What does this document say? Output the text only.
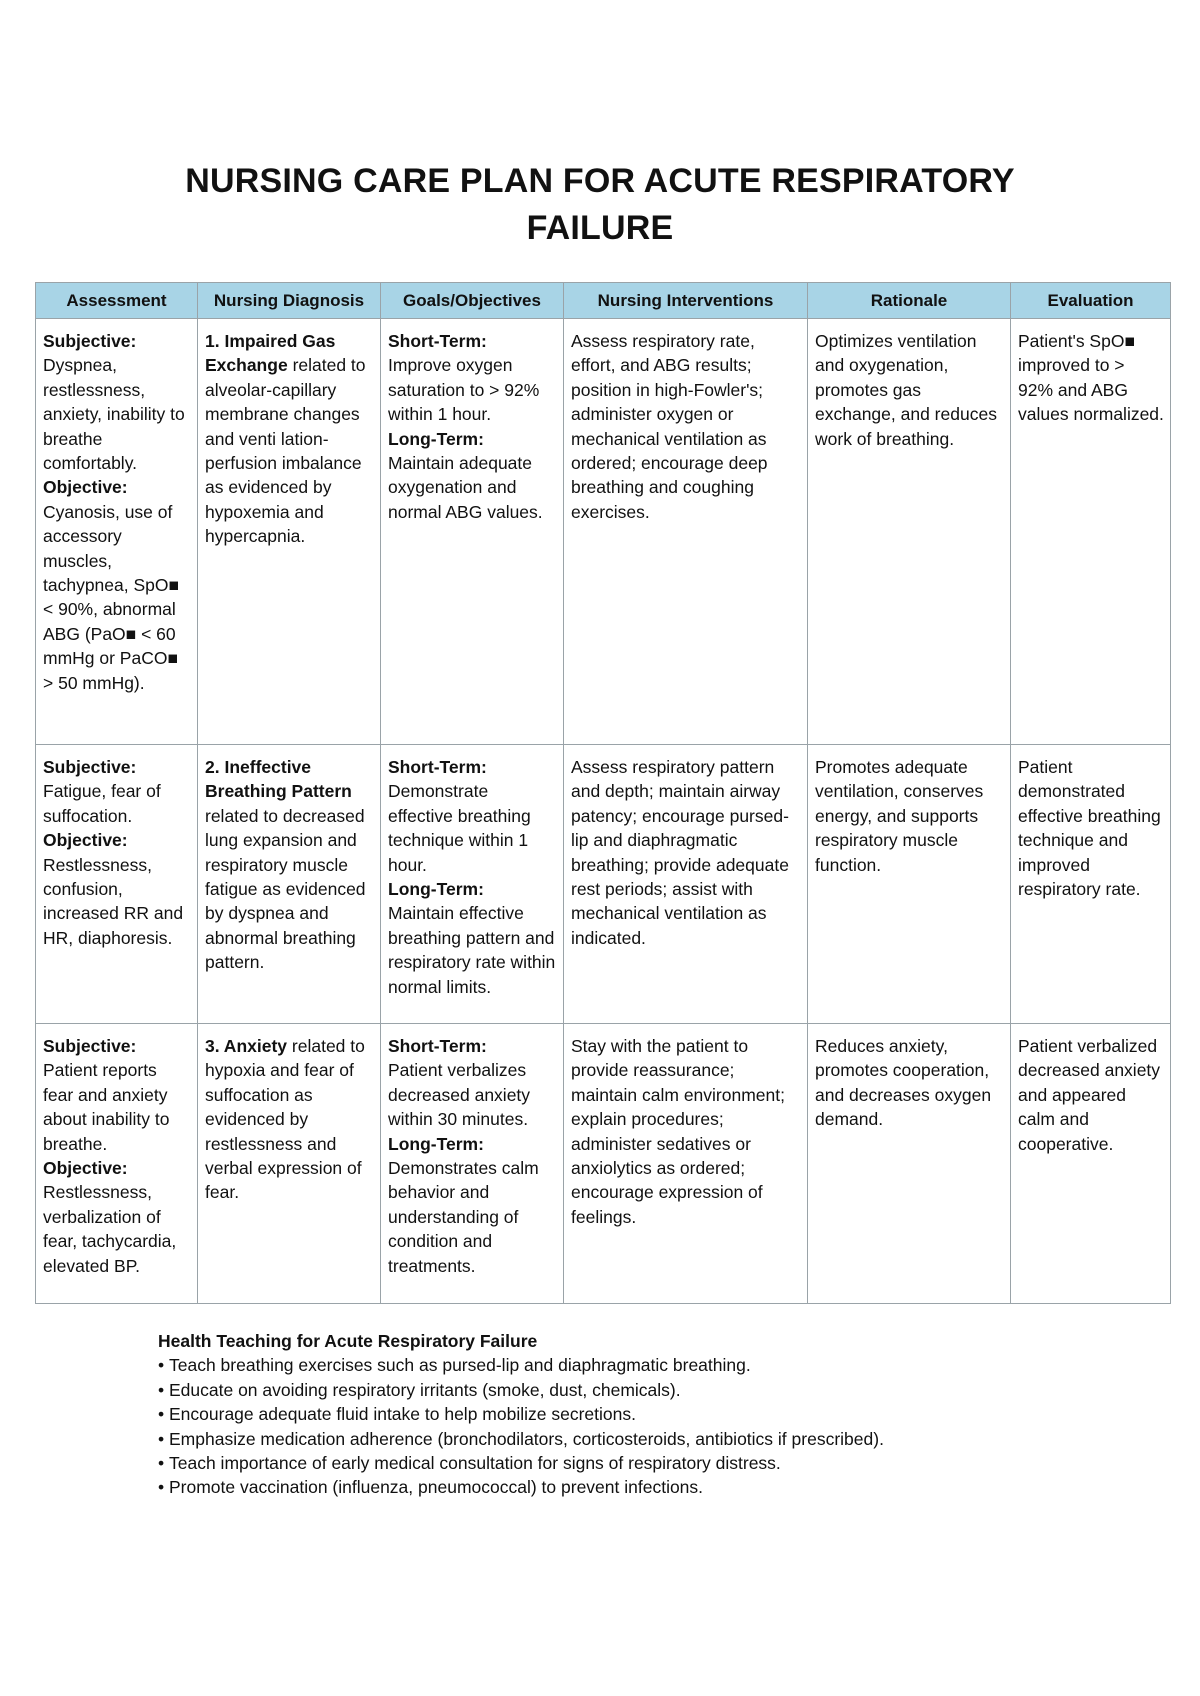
NURSING CARE PLAN FOR ACUTE RESPIRATORY FAILURE
Assessment	Nursing Diagnosis	Goals/Objectives	Nursing Interventions	Rationale	Evaluation
Subjective:
Dyspnea, restlessness, anxiety, inability to breathe comfortably.
Objective:
Cyanosis, use of accessory muscles, tachypnea, SpO■ < 90%, abnormal ABG (PaO■ < 60 mmHg or PaCO■ > 50 mmHg).	1. Impaired Gas Exchange related to alveolar-capillary membrane changes and venti lation-perfusion imbalance as evidenced by hypoxemia and hypercapnia.	Short-Term:
Improve oxygen saturation to > 92% within 1 hour.
Long-Term:
Maintain adequate oxygenation and normal ABG values.	Assess respiratory rate, effort, and ABG results; position in high-Fowler's; administer oxygen or mechanical ventilation as ordered; encourage deep breathing and coughing exercises.	Optimizes ventilation and oxygenation, promotes gas exchange, and reduces work of breathing.	Patient's SpO■ improved to > 92% and ABG values normalized.
Subjective:
Fatigue, fear of suffocation.
Objective:
Restlessness, confusion, increased RR and HR, diaphoresis.	2. Ineffective Breathing Pattern related to decreased lung expansion and respiratory muscle fatigue as evidenced by dyspnea and abnormal breathing pattern.	Short-Term:
Demonstrate effective breathing technique within 1 hour.
Long-Term:
Maintain effective breathing pattern and respiratory rate within normal limits.	Assess respiratory pattern and depth; maintain airway patency; encourage pursed-lip and diaphragmatic breathing; provide adequate rest periods; assist with mechanical ventilation as indicated.	Promotes adequate ventilation, conserves energy, and supports respiratory muscle function.	Patient demonstrated effective breathing technique and improved respiratory rate.
Subjective:
Patient reports fear and anxiety about inability to breathe.
Objective:
Restlessness, verbalization of fear, tachycardia, elevated BP.	3. Anxiety related to hypoxia and fear of suffocation as evidenced by restlessness and verbal expression of fear.	Short-Term:
Patient verbalizes decreased anxiety within 30 minutes.
Long-Term:
Demonstrates calm behavior and understanding of condition and treatments.	Stay with the patient to provide reassurance; maintain calm environment; explain procedures; administer sedatives or anxiolytics as ordered; encourage expression of feelings.	Reduces anxiety, promotes cooperation, and decreases oxygen demand.	Patient verbalized decreased anxiety and appeared calm and cooperative.
Health Teaching for Acute Respiratory Failure
• Teach breathing exercises such as pursed-lip and diaphragmatic breathing.
• Educate on avoiding respiratory irritants (smoke, dust, chemicals).
• Encourage adequate fluid intake to help mobilize secretions.
• Emphasize medication adherence (bronchodilators, corticosteroids, antibiotics if prescribed).
• Teach importance of early medical consultation for signs of respiratory distress.
• Promote vaccination (influenza, pneumococcal) to prevent infections.
